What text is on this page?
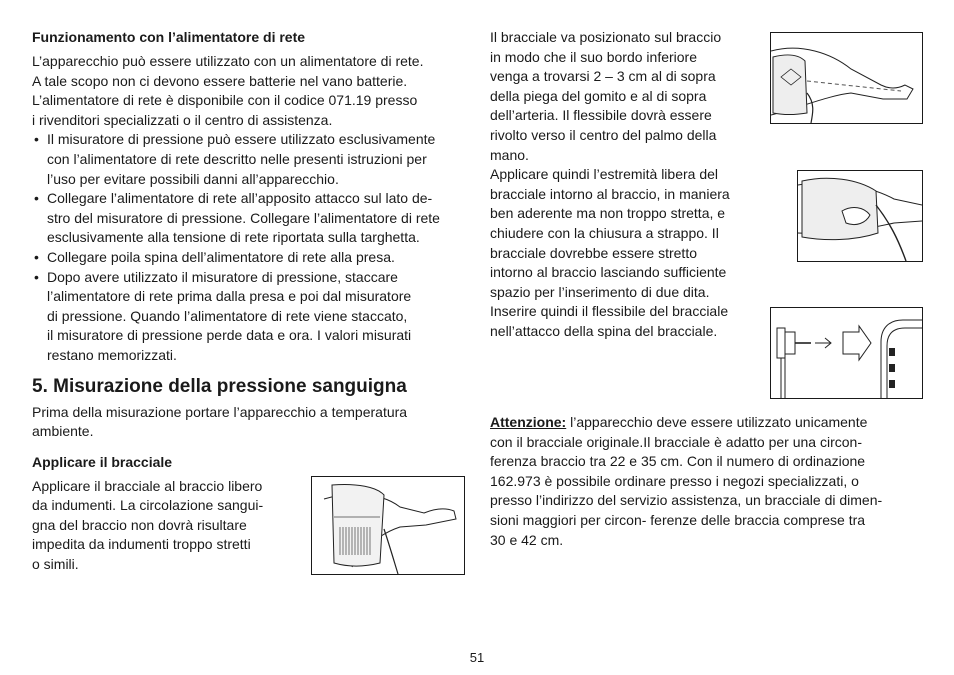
Funzionamento con l’alimentatore di rete
L’apparecchio può essere utilizzato con un alimentatore di rete.
A tale scopo non ci devono essere batterie nel vano batterie.
L’alimentatore di rete è disponibile con il codice 071.19 presso
i rivenditori specializzati o il centro di assistenza.
• Il misuratore di pressione può essere utilizzato esclusivamente
con l’alimentatore di rete descritto nelle presenti istruzioni per
l’uso per evitare possibili danni all’apparecchio.
• Collegare l’alimentatore di rete all’apposito attacco sul lato de-
stro del misuratore di pressione. Collegare l’alimentatore di rete
esclusivamente alla tensione di rete riportata sulla targhetta.
• Collegare poila spina dell’alimentatore di rete alla presa.
• Dopo avere utilizzato il misuratore di pressione, staccare
l’alimentatore di rete prima dalla presa e poi dal misuratore
di pressione. Quando l’alimentatore di rete viene staccato,
il misuratore di pressione perde data e ora. I valori misurati
restano memorizzati.
5. Misurazione della pressione sanguigna
Prima della misurazione portare l’apparecchio a temperatura
ambiente.
Applicare il bracciale
Applicare il bracciale al braccio libero
da indumenti. La circolazione sangui-
gna del braccio non dovrà risultare
impedita da indumenti troppo stretti
o simili.
Il bracciale va posizionato sul braccio
in modo che il suo bordo inferiore
venga a trovarsi 2 – 3 cm al di sopra
della piega del gomito e al di sopra
dell’arteria. Il flessibile dovrà essere
rivolto verso il centro del palmo della
mano.
Applicare quindi l’estremità libera del
bracciale intorno al braccio, in maniera
ben aderente ma non troppo stretta, e
chiudere con la chiusura a strappo. Il
bracciale dovrebbe essere stretto
intorno al braccio lasciando sufficiente
spazio per l’inserimento di due dita.
Inserire quindi il flessibile del bracciale
nell’attacco della spina del bracciale.
Attenzione: l’apparecchio deve essere utilizzato unicamente
con il bracciale originale.Il bracciale è adatto per una circon-
ferenza braccio tra 22 e 35 cm. Con il numero di ordinazione
162.973 è possibile ordinare presso i negozi specializzati, o
presso l’indirizzo del servizio assistenza, un bracciale di dimen-
sioni maggiori per circon- ferenze delle braccia comprese tra
30 e 42 cm.
51
